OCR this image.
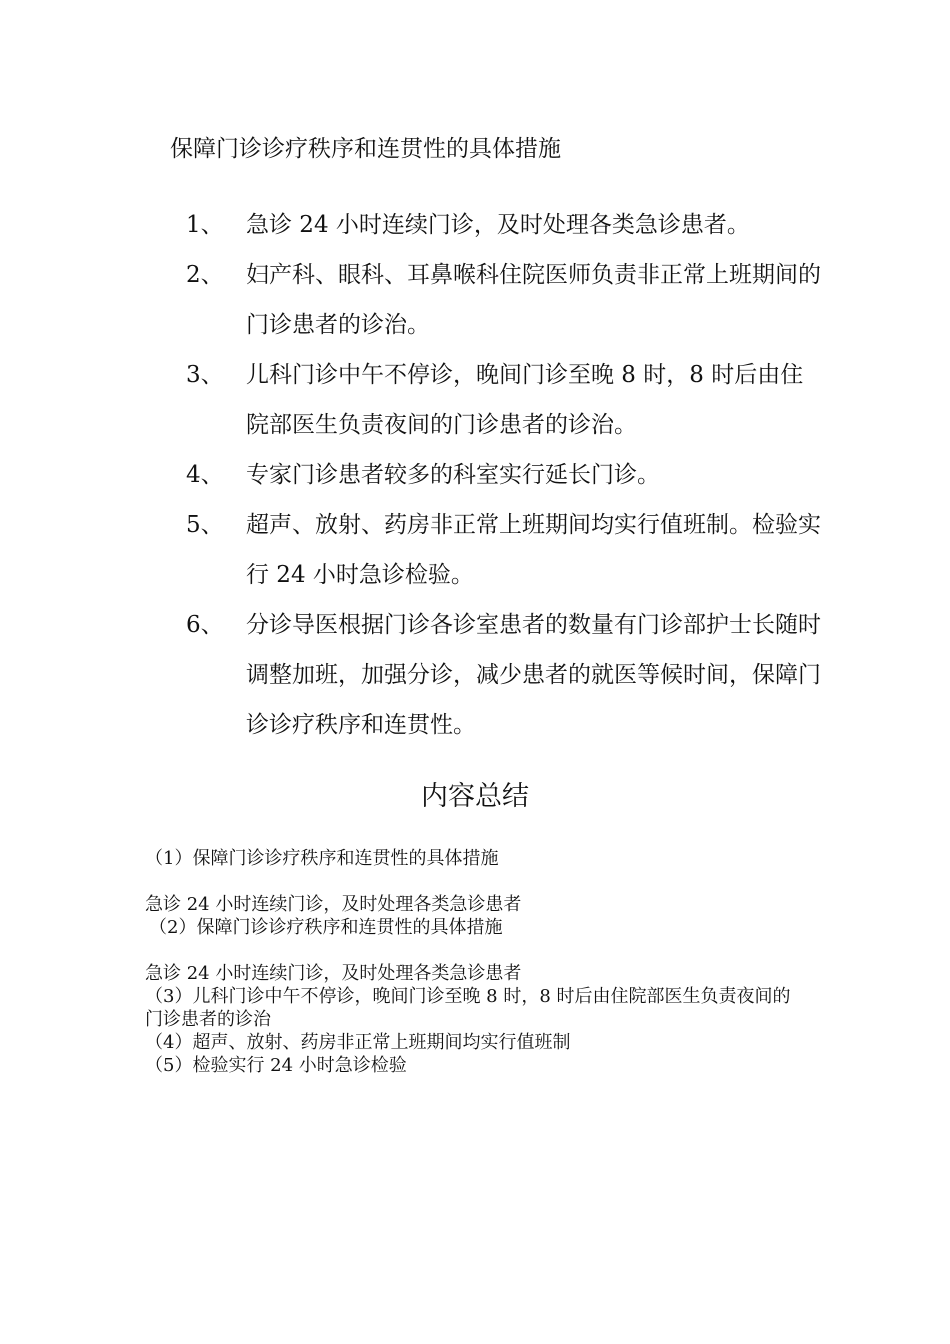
保障门诊诊疗秩序和连贯性的具体措施
1、 急诊 24 小时连续门诊，及时处理各类急诊患者。
2、 妇产科、眼科、耳鼻喉科住院医师负责非正常上班期间的门诊患者的诊治。
3、 儿科门诊中午不停诊，晚间门诊至晚 8 时，8 时后由住院部医生负责夜间的门诊患者的诊治。
4、 专家门诊患者较多的科室实行延长门诊。
5、 超声、放射、药房非正常上班期间均实行值班制。检验实行 24 小时急诊检验。
6、 分诊导医根据门诊各诊室患者的数量有门诊部护士长随时调整加班，加强分诊，减少患者的就医等候时间，保障门诊诊疗秩序和连贯性。
内容总结
（1）保障门诊诊疗秩序和连贯性的具体措施
急诊 24 小时连续门诊，及时处理各类急诊患者
（2）保障门诊诊疗秩序和连贯性的具体措施
急诊 24 小时连续门诊，及时处理各类急诊患者
（3）儿科门诊中午不停诊，晚间门诊至晚 8 时，8 时后由住院部医生负责夜间的门诊患者的诊治
（4）超声、放射、药房非正常上班期间均实行值班制
（5）检验实行 24 小时急诊检验
